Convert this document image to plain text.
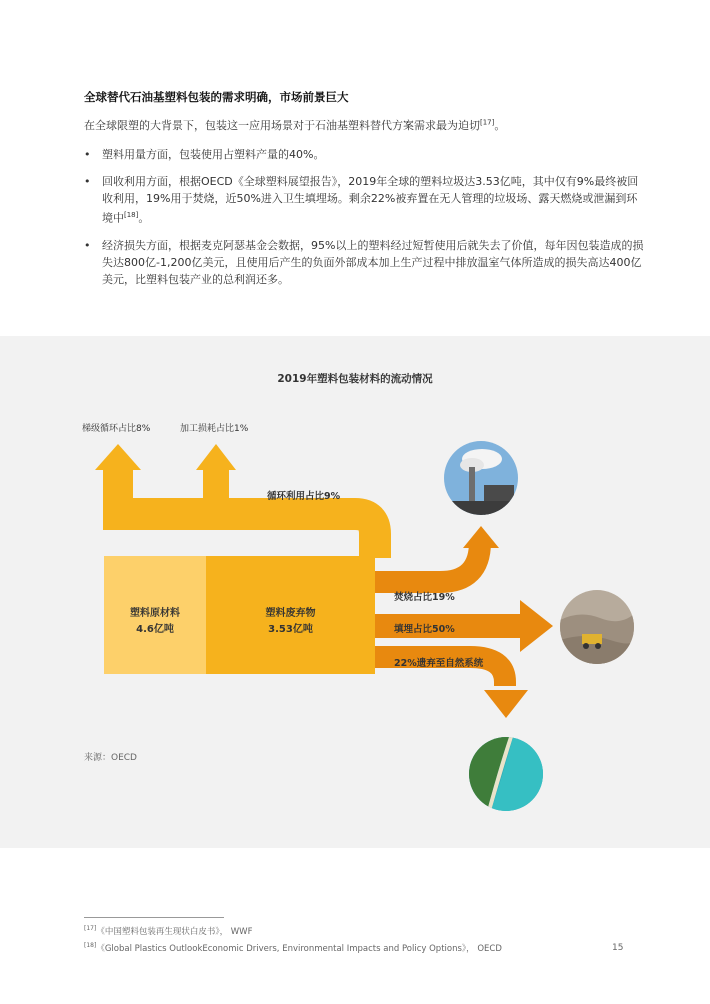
全球替代石油基塑料包装的需求明确，市场前景巨大
在全球限塑的大背景下，包装这一应用场景对于石油基塑料替代方案需求最为迫切[17]。
• 塑料用量方面，包装使用占塑料产量的40%。
• 回收利用方面，根据OECD《全球塑料展望报告》，2019年全球的塑料垃圾达3.53亿吨，其中仅有9%最终被回收利用，19%用于焚烧，近50%进入卫生填埋场。剩余22%被弃置在无人管理的垃圾场、露天燃烧或泄漏到环境中[18]。
• 经济损失方面，根据麦克阿瑟基金会数据，95%以上的塑料经过短暂使用后就失去了价值，每年因包装造成的损失达800亿-1,200亿美元，且使用后产生的负面外部成本加上生产过程中排放温室气体所造成的损失高达400亿美元，比塑料包装产业的总利润还多。
2019年塑料包装材料的流动情况
梯级循环占比8%	加工损耗占比1%
循环利用占比9%
焚烧占比19%
填埋占比50%
22%遗弃至自然系统
塑料原材料
4.6亿吨
塑料废弃物
3.53亿吨
来源：OECD
[17]《中国塑料包装再生现状白皮书》， WWF
[18]《Global Plastics OutlookEconomic Drivers, Environmental Impacts and Policy Options》， OECD	15
